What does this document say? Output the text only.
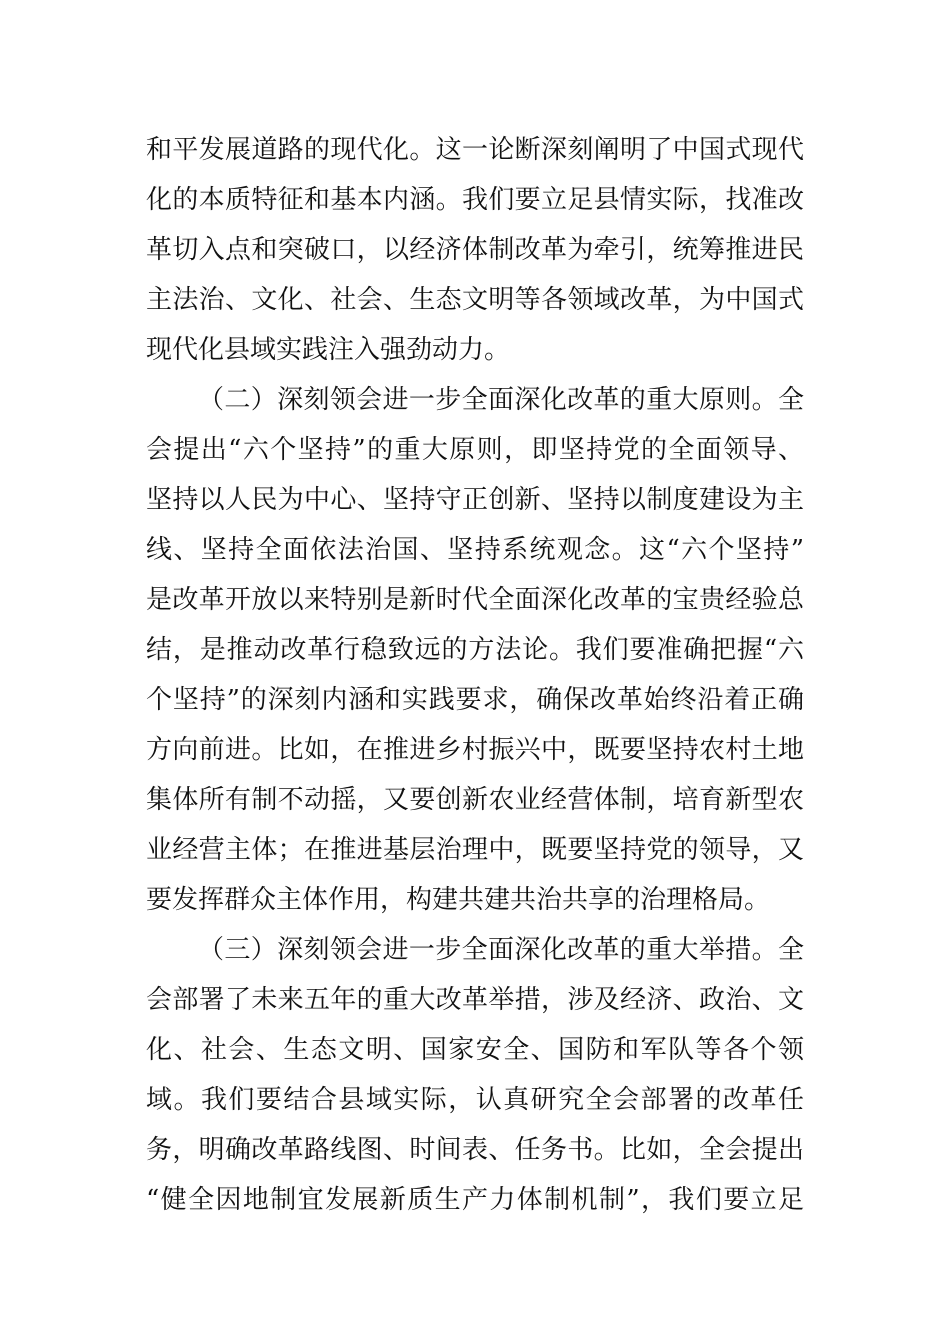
和平发展道路的现代化。这一论断深刻阐明了中国式现代
化的本质特征和基本内涵。我们要立足县情实际，找准改
革切入点和突破口，以经济体制改革为牵引，统筹推进民
主法治、文化、社会、生态文明等各领域改革，为中国式
现代化县域实践注入强劲动力。
（二）深刻领会进一步全面深化改革的重大原则。全
会提出“六个坚持”的重大原则，即坚持党的全面领导、
坚持以人民为中心、坚持守正创新、坚持以制度建设为主
线、坚持全面依法治国、坚持系统观念。这“六个坚持”
是改革开放以来特别是新时代全面深化改革的宝贵经验总
结，是推动改革行稳致远的方法论。我们要准确把握“六
个坚持”的深刻内涵和实践要求，确保改革始终沿着正确
方向前进。比如，在推进乡村振兴中，既要坚持农村土地
集体所有制不动摇，又要创新农业经营体制，培育新型农
业经营主体；在推进基层治理中，既要坚持党的领导，又
要发挥群众主体作用，构建共建共治共享的治理格局。
（三）深刻领会进一步全面深化改革的重大举措。全
会部署了未来五年的重大改革举措，涉及经济、政治、文
化、社会、生态文明、国家安全、国防和军队等各个领
域。我们要结合县域实际，认真研究全会部署的改革任
务，明确改革路线图、时间表、任务书。比如，全会提出
“健全因地制宜发展新质生产力体制机制”，我们要立足
